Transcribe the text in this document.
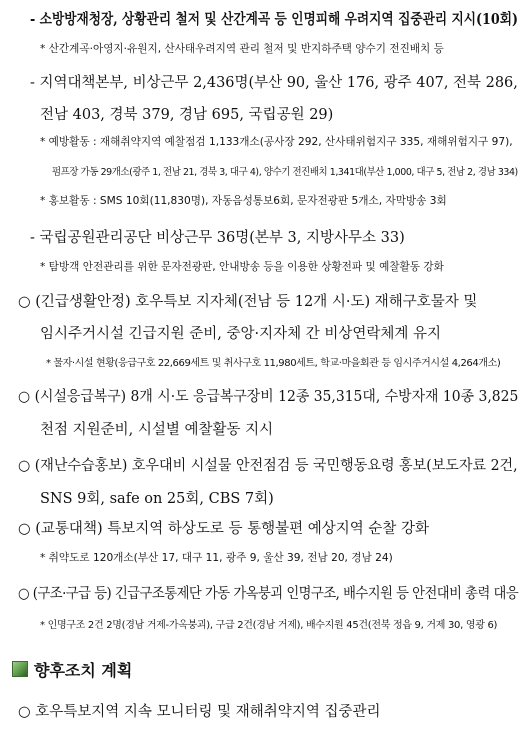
- 소방방재청장, 상황관리 철저 및 산간계곡 등 인명피해 우려지역 집중관리 지시(10회)
* 산간계곡·아영지·유원지, 산사태우려지역 관리 철저 및 반지하주택 양수기 전진배치 등
- 지역대책본부, 비상근무 2,436명(부산 90, 울산 176, 광주 407, 전북 286,
전남 403, 경북 379, 경남 695, 국립공원 29)
* 예방활동 : 재해취약지역 예찰점검 1,133개소(공사장 292, 산사태위험지구 335, 재해위험지구 97),
펌프장 가동 29개소(광주 1, 전남 21, 경북 3, 대구 4), 양수기 전진배치 1,341대(부산 1,000, 대구 5, 전남 2, 경남 334)
* 홍보활동 : SMS 10회(11,830명), 자동음성통보6회, 문자전광판 5개소, 자막방송 3회
- 국립공원관리공단 비상근무 36명(본부 3, 지방사무소 33)
* 탐방객 안전관리를 위한 문자전광판, 안내방송 등을 이용한 상황전파 및 예찰활동 강화
○ (긴급생활안정) 호우특보 지자체(전남 등 12개 시·도) 재해구호물자 및
임시주거시설 긴급지원 준비, 중앙·지자체 간 비상연락체계 유지
* 물자·시설 현황(응급구호 22,669세트 및 취사구호 11,980세트, 학교·마을회관 등 임시주거시설 4,264개소)
○ (시설응급복구) 8개 시·도 응급복구장비 12종 35,315대, 수방자재 10종 3,825
천점 지원준비, 시설별 예찰활동 지시
○ (재난수습홍보) 호우대비 시설물 안전점검 등 국민행동요령 홍보(보도자료 2건,
SNS 9회, safe on 25회, CBS 7회)
○ (교통대책) 특보지역 하상도로 등 통행불편 예상지역 순찰 강화
* 취약도로 120개소(부산 17, 대구 11, 광주 9, 울산 39, 전남 20, 경남 24)
○ (구조·구급 등) 긴급구조통제단 가동 가옥붕괴 인명구조, 배수지원 등 안전대비 총력 대응
* 인명구조 2건 2명(경남 거제-가옥붕괴), 구급 2건(경남 거제), 배수지원 45건(전북 정읍 9, 거제 30, 영광 6)
향후조치 계획
○ 호우특보지역 지속 모니터링 및 재해취약지역 집중관리
